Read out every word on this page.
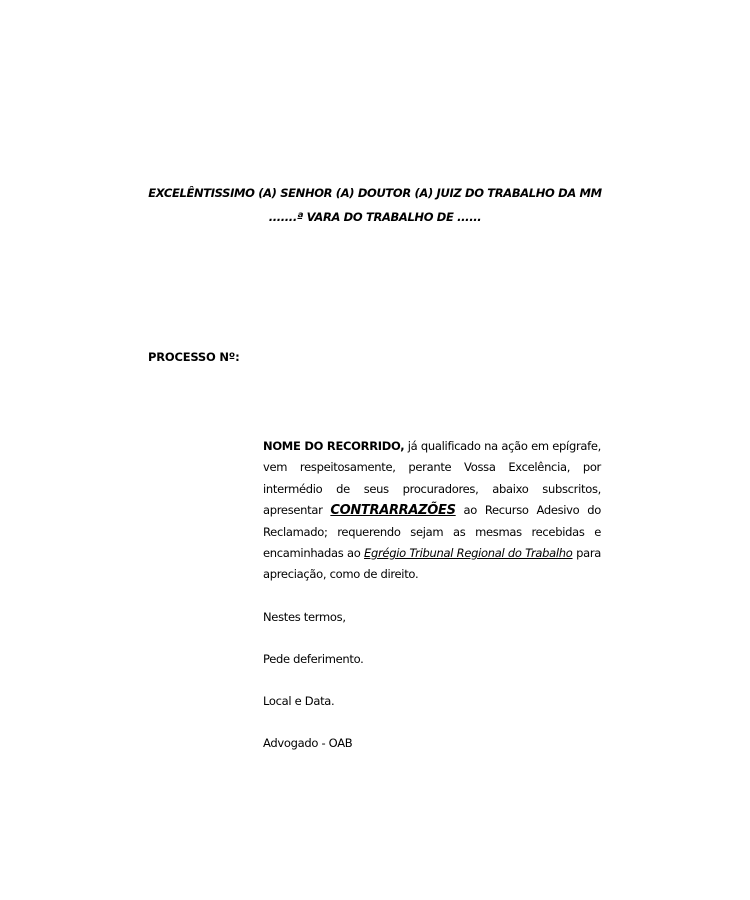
EXCELÊNTISSIMO (A) SENHOR (A) DOUTOR (A) JUIZ DO TRABALHO DA MM
.......ª VARA DO TRABALHO DE ......
PROCESSO Nº:

NOME DO RECORRIDO, já qualificado na ação em epígrafe, vem respeitosamente, perante Vossa Excelência, por intermédio de seus procuradores, abaixo subscritos, apresentar CONTRARRAZÕES ao Recurso Adesivo do Reclamado; requerendo sejam as mesmas recebidas e encaminhadas ao Egrégio Tribunal Regional do Trabalho para apreciação, como de direito.

Nestes termos,

Pede deferimento.

Local e Data.

Advogado - OAB
